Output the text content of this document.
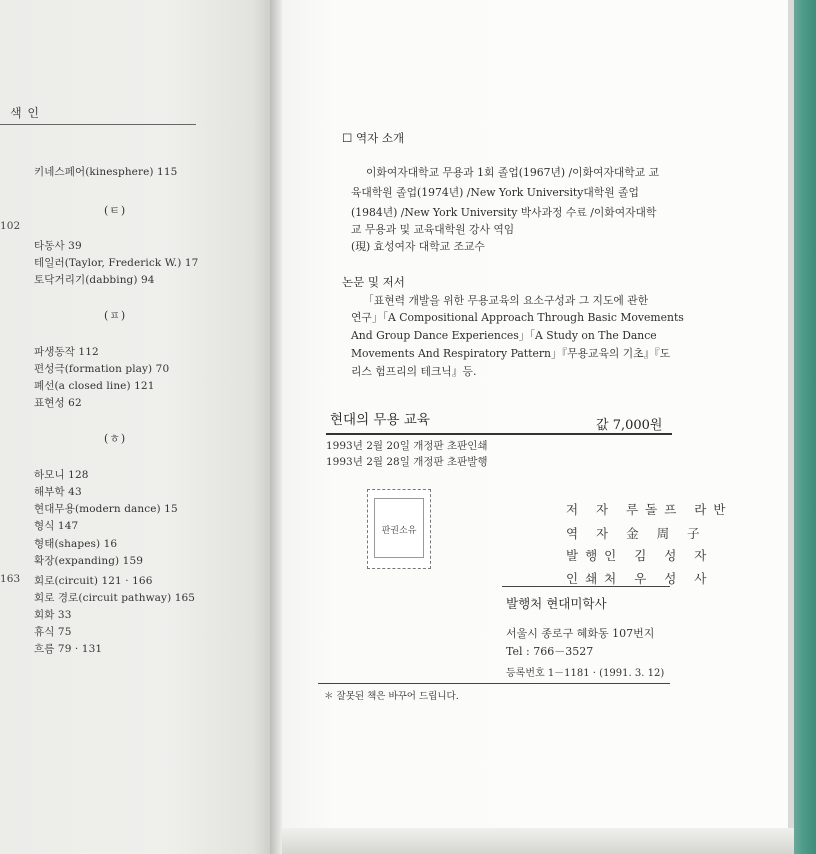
색 인
102
163
키네스페어(kinesphere) 115
(ㅌ)
타동사 39
테일러(Taylor, Frederick W.) 17
토닥거리기(dabbing) 94
(ㅍ)
파생동작 112
편성극(formation play) 70
폐선(a closed line) 121
표현성 62
(ㅎ)
하모니 128
해부학 43
현대무용(modern dance) 15
형식 147
형태(shapes) 16
확장(expanding) 159
회로(circuit) 121 · 166
회로 경로(circuit pathway) 165
회화 33
휴식 75
흐름 79 · 131
☐ 역자 소개
이화여자대학교 무용과 1회 졸업(1967년) /이화여자대학교 교
육대학원 졸업(1974년) /New York University대학원 졸업
(1984년) /New York University 박사과정 수료 /이화여자대학
교 무용과 및 교육대학원 강사 역임
(現) 효성여자 대학교 조교수
논문 및 저서
「표현력 개발을 위한 무용교육의 요소구성과 그 지도에 관한
연구」「A Compositional Approach Through Basic Movements
And Group Dance Experiences」「A Study on The Dance
Movements And Respiratory Pattern」『무용교육의 기초』『도
리스 험프리의 테크닉』등.
현대의 무용 교육	값 7,000원
1993년 2월 20일 개정판 초판인쇄
1993년 2월 28일 개정판 초판발행
판권소유
저 자 루돌프 라반
역 자 金 周 子
발행인 김 성 자
인쇄처 우 성 사
발행처 현대미학사
서울시 종로구 혜화동 107번지
Tel : 766－3527
등록번호 1－1181 · (1991. 3. 12)
＊ 잘못된 책은 바꾸어 드립니다.
